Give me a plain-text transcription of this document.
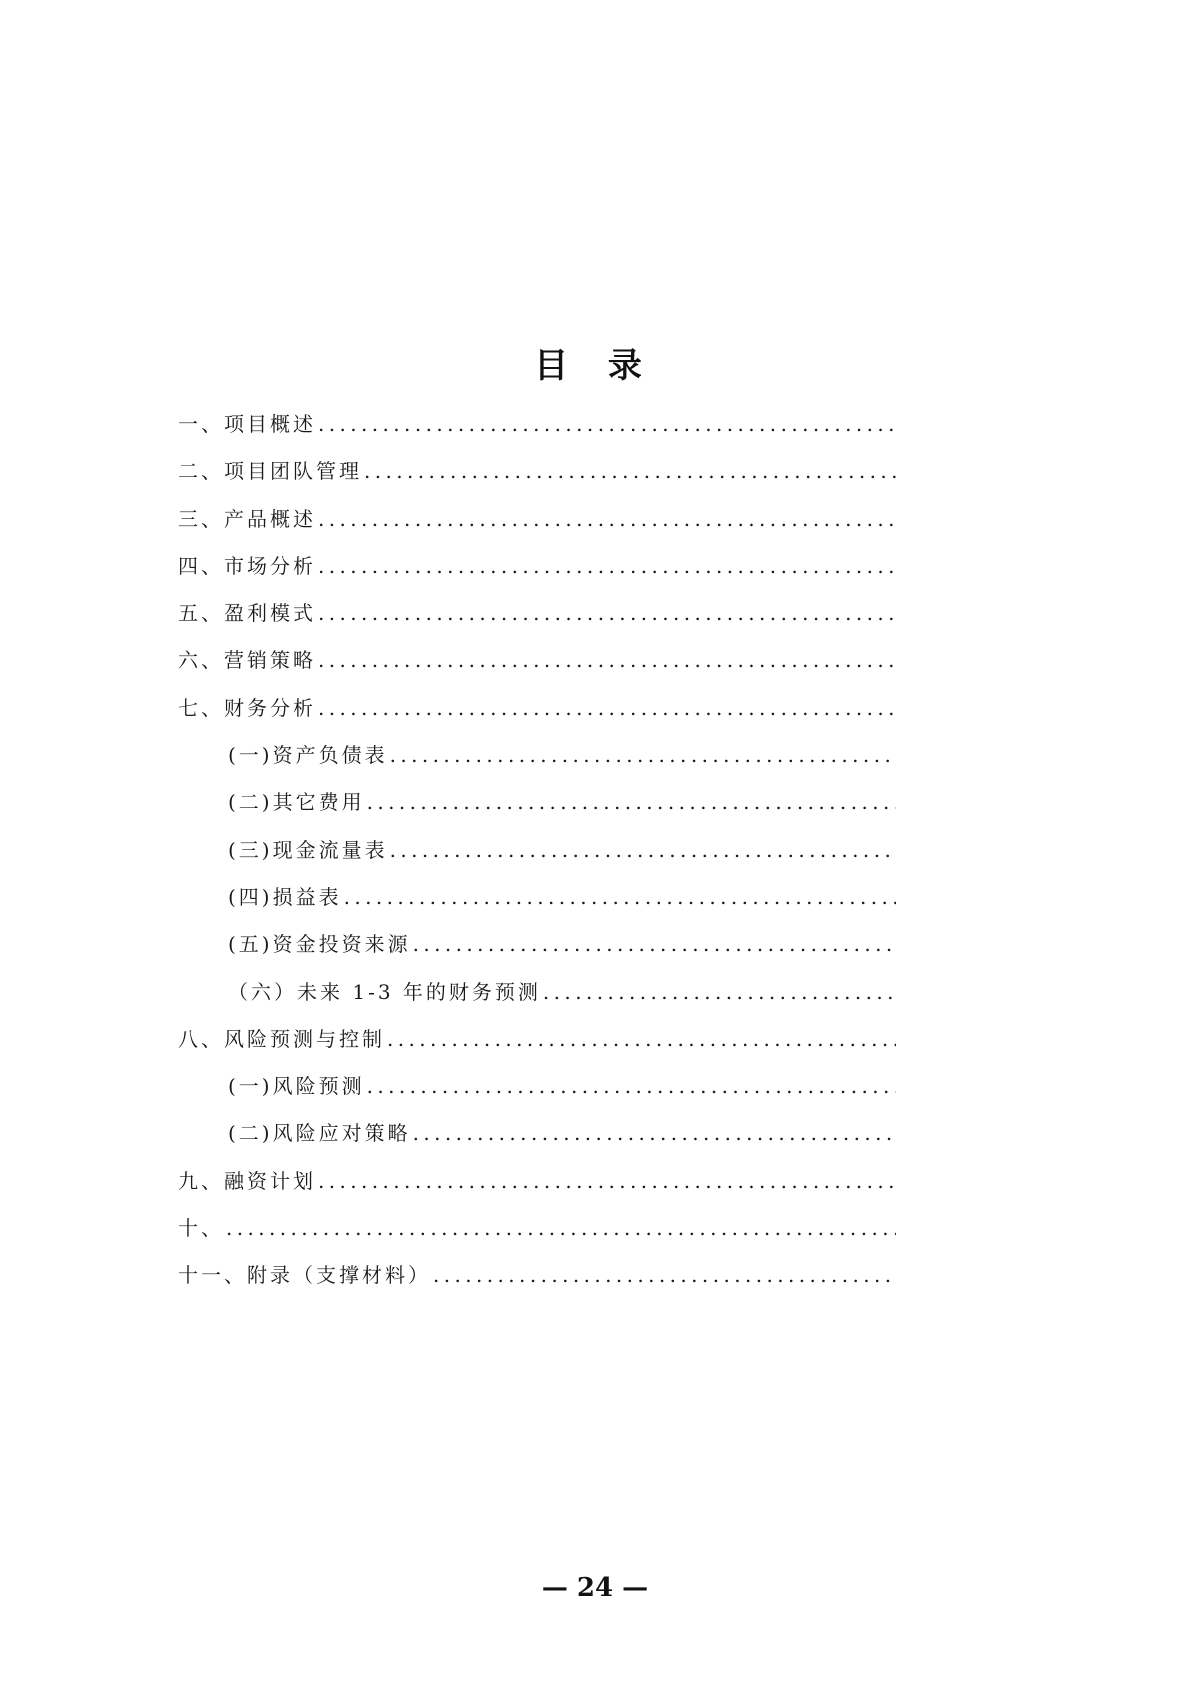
目 录
一、项目概述
.....
二、项目团队管理
.....
三、产品概述
.....
四、市场分析
.....
五、盈利模式
.....
六、营销策略
.....
七、财务分析
.....
(一)资产负债表
.....
(二)其它费用
.....
(三)现金流量表
.....
(四)损益表
.....
(五)资金投资来源
.....
（六）未来 1-3 年的财务预测
.....
八、风险预测与控制
.....
(一)风险预测
.....
(二)风险应对策略
.....
九、融资计划
.....
十、
.....
十一、附录（支撑材料）
.....
— 24 —
